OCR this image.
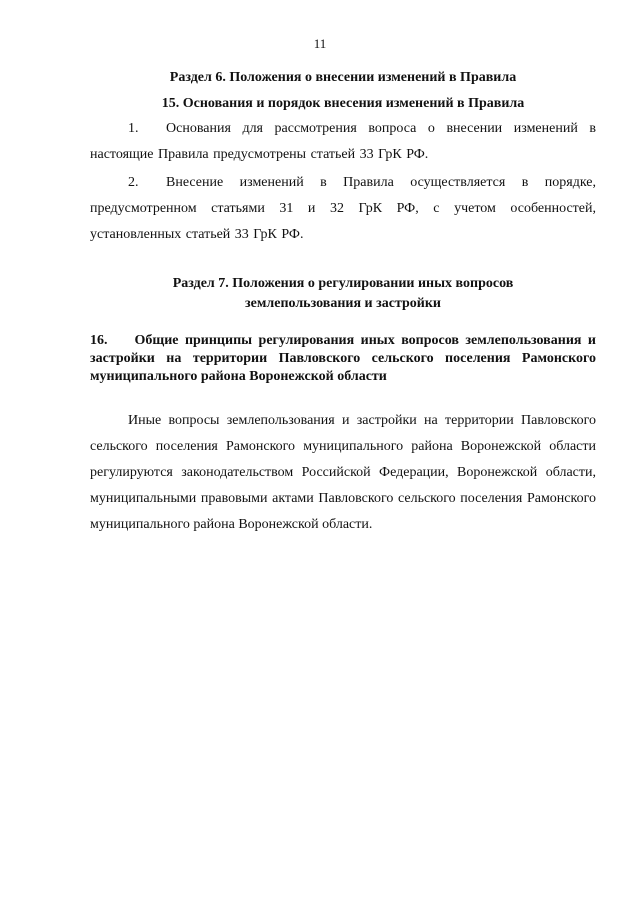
11

Раздел 6. Положения о внесении изменений в Правила

15. Основания и порядок внесения изменений в Правила

1. Основания для рассмотрения вопроса о внесении изменений в настоящие Правила предусмотрены статьей 33 ГрК РФ.

2. Внесение изменений в Правила осуществляется в порядке, предусмотренном статьями 31 и 32 ГрК РФ, с учетом особенностей, установленных статьей 33 ГрК РФ.

Раздел 7. Положения о регулировании иных вопросов
землепользования и застройки

16. Общие принципы регулирования иных вопросов землепользования и застройки на территории Павловского сельского поселения Рамонского муниципального района Воронежской области

Иные вопросы землепользования и застройки на территории Павловского сельского поселения Рамонского муниципального района Воронежской области регулируются законодательством Российской Федерации, Воронежской области, муниципальными правовыми актами Павловского сельского поселения Рамонского муниципального района Воронежской области.
